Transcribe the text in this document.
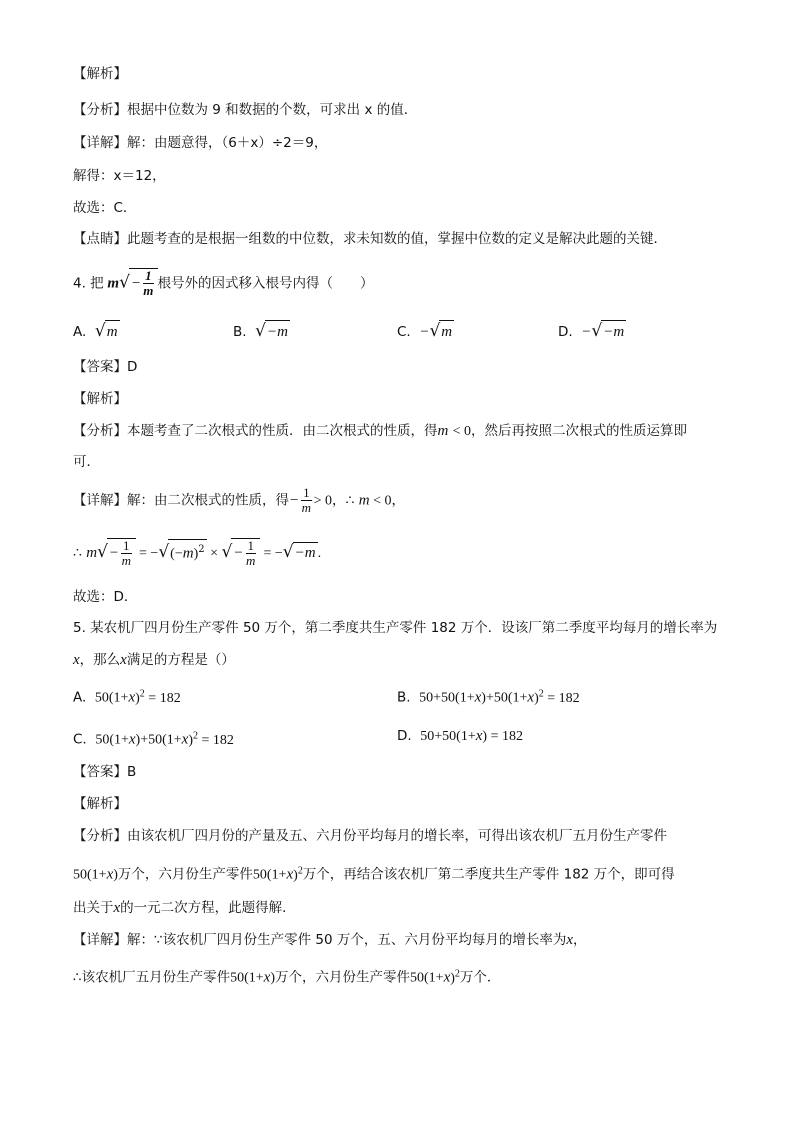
【解析】
【分析】根据中位数为 9 和数据的个数，可求出 x 的值．
【详解】解：由题意得，（6＋x）÷2＝9，
解得：x＝12，
故选：C．
【点睛】此题考查的是根据一组数的中位数，求未知数的值，掌握中位数的定义是解决此题的关键．
4. 把 $m√- \frac{1}{m}$ 根号外的因式移入根号内得（　　）
A. √m	B. √−m	C. −√m	D. −√−m
【答案】D
【解析】
【分析】本题考查了二次根式的性质．由二次根式的性质，得m < 0，然后再按照二次根式的性质运算即
可．
【详解】解：由二次根式的性质，得− $\frac{1}{m} > 0$，∴ m < 0，
∴ $m√- \frac{1}{m} = -√(-m)^2$ × √− $\frac{1}{m} = -√-m$ .
故选：D．
5. 某农机厂四月份生产零件 50 万个，第二季度共生产零件 182 万个．设该厂第二季度平均每月的增长率为
x，那么x满足的方程是（）
A. $50(1+x)^2 = 182$	B. $50+50(1+x)+50(1+x)^2 = 182$
C. $50(1+x)+50(1+x)^2 = 182$	D. 50+50(1+x) = 182
【答案】B
【解析】
【分析】由该农机厂四月份的产量及五、六月份平均每月的增长率，可得出该农机厂五月份生产零件
50(1+x)万个，六月份生产零件$50(1+x)^2$万个，再结合该农机厂第二季度共生产零件 182 万个，即可得
出关于x的一元二次方程，此题得解．
【详解】解：∵该农机厂四月份生产零件 50 万个，五、六月份平均每月的增长率为x，
∴该农机厂五月份生产零件50(1+x)万个，六月份生产零件$50(1+x)^2$万个．
